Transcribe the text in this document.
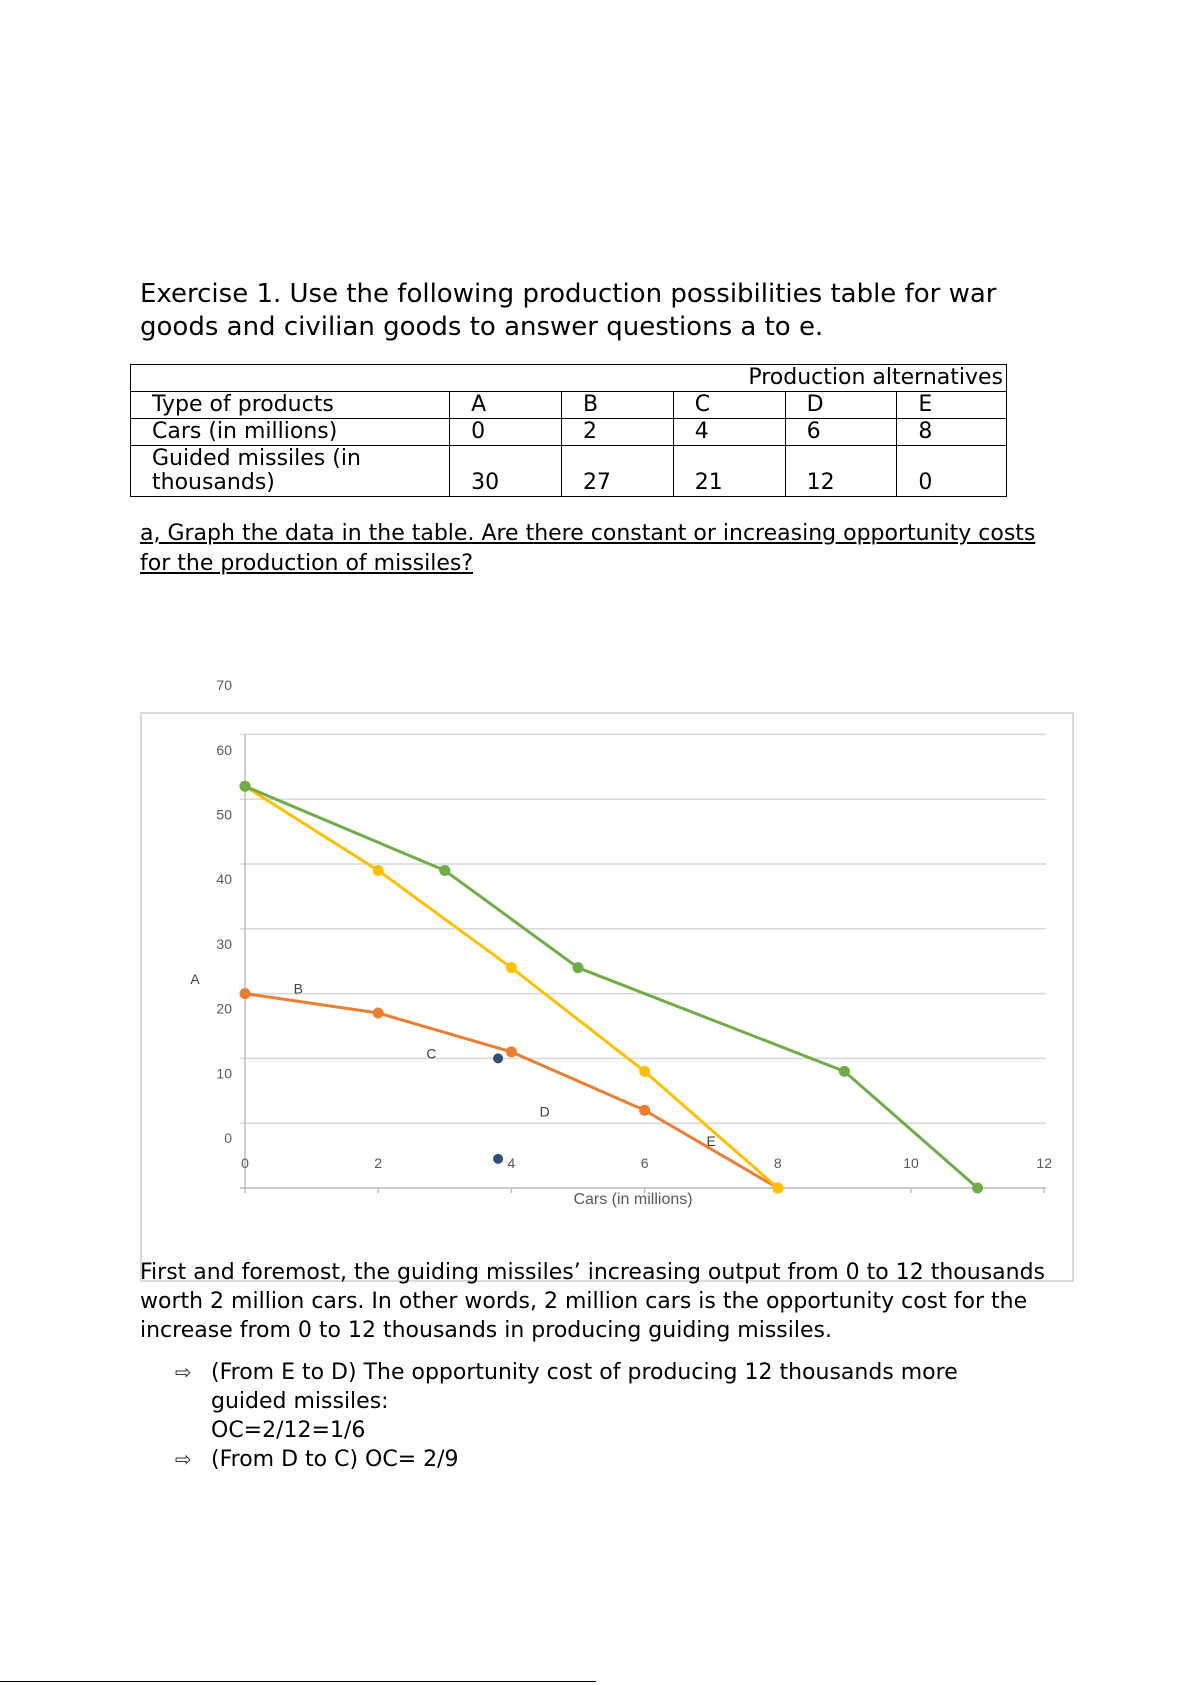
Exercise 1. Use the following production possibilities table for war goods and civilian goods to answer questions a to e.
Production alternatives					
Type of products	A	B	C	D	E
Cars (in millions)	0	2	4	6	8
Guided missiles (in thousands)	30	27	21	12	0
a, Graph the data in the table. Are there constant or increasing opportunity costs for the production of missiles?
0
10
20
30
40
50
60
70
0	2	4	6	8	10	12
Cars (in millions)
A
B
C
D
E
First and foremost, the guiding missiles’ increasing output from 0 to 12 thousands worth 2 million cars. In other words, 2 million cars is the opportunity cost for the increase from 0 to 12 thousands in producing guiding missiles.
⇨ (From E to D) The opportunity cost of producing 12 thousands more
guided missiles:
OC=2/12=1/6
⇨ (From D to C) OC= 2/9
